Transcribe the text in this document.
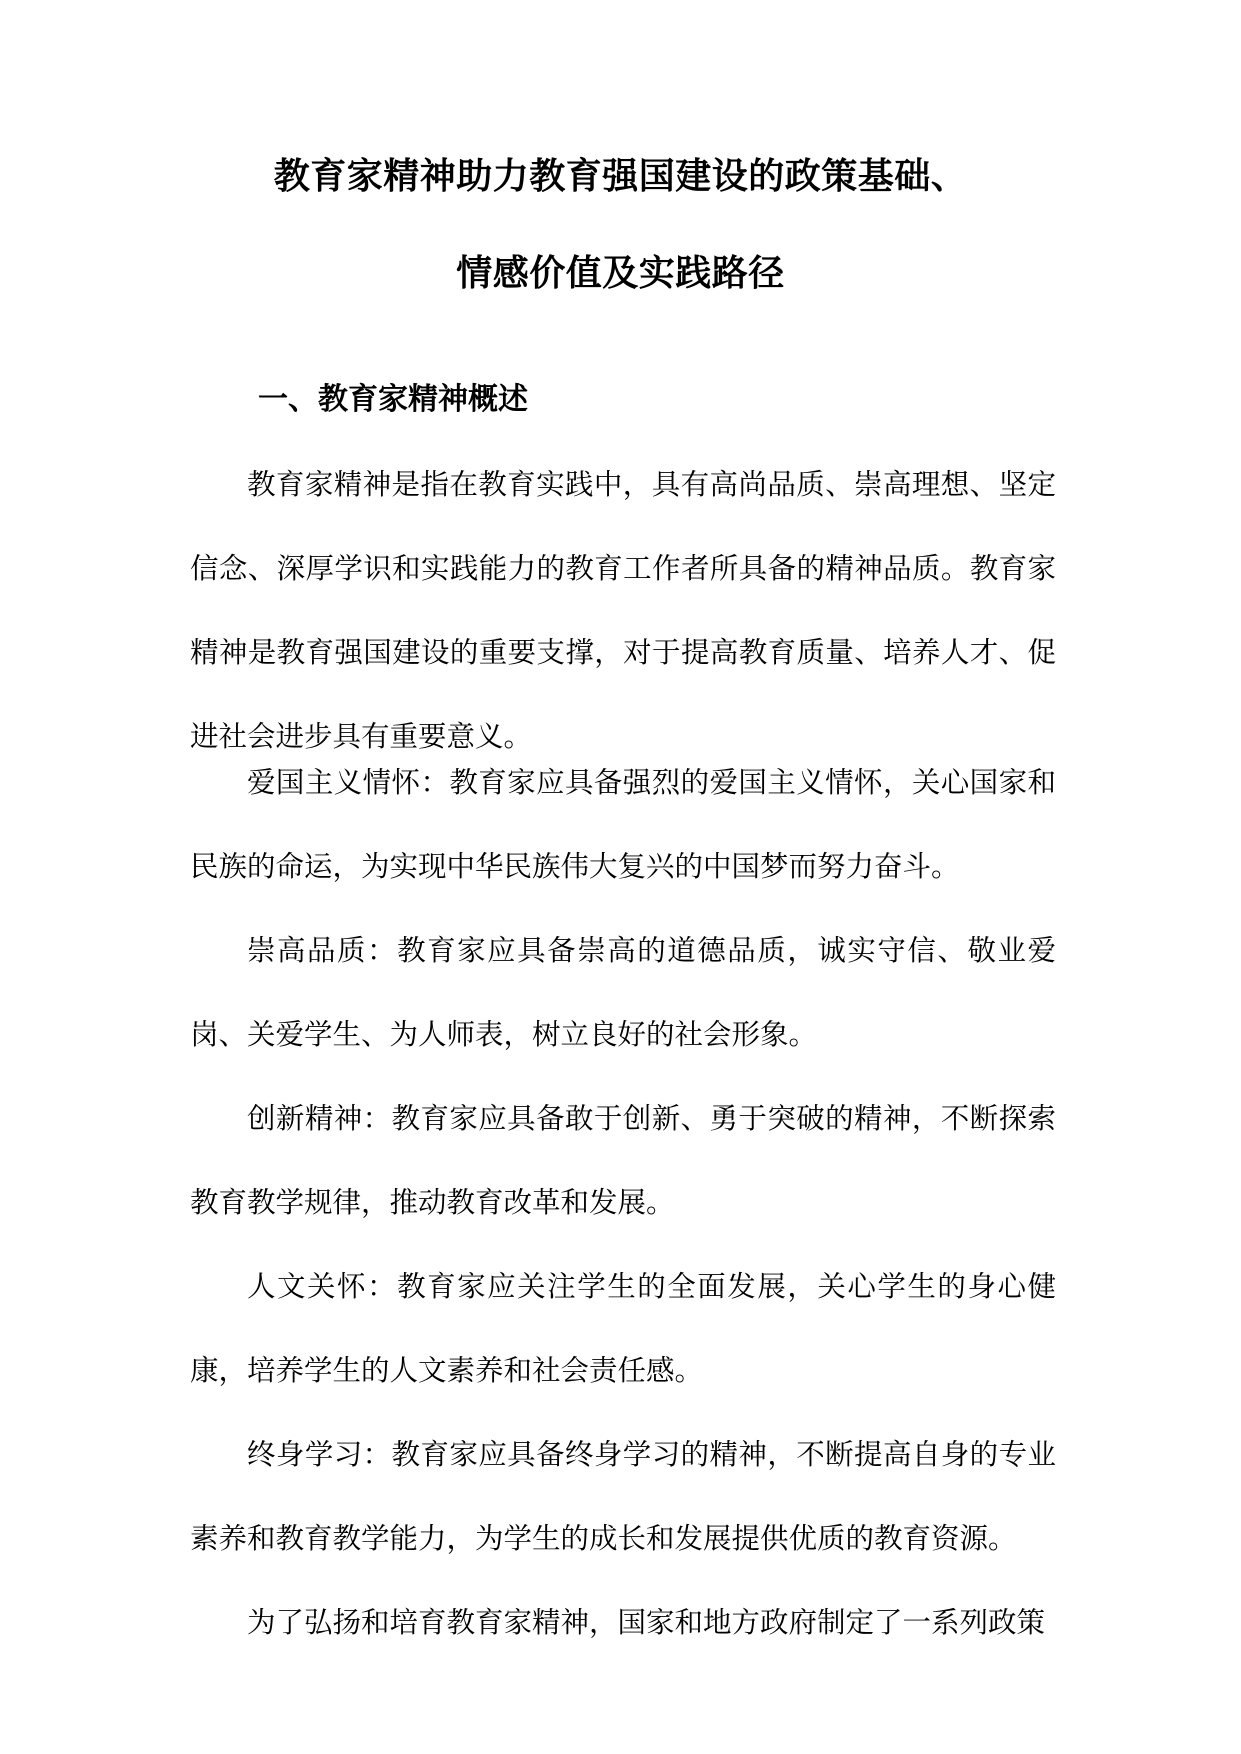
教育家精神助力教育强国建设的政策基础、
情感价值及实践路径
一、教育家精神概述

教育家精神是指在教育实践中，具有高尚品质、崇高理想、坚定信念、深厚学识和实践能力的教育工作者所具备的精神品质。教育家精神是教育强国建设的重要支撑，对于提高教育质量、培养人才、促进社会进步具有重要意义。

爱国主义情怀：教育家应具备强烈的爱国主义情怀，关心国家和民族的命运，为实现中华民族伟大复兴的中国梦而努力奋斗。

崇高品质：教育家应具备崇高的道德品质，诚实守信、敬业爱岗、关爱学生、为人师表，树立良好的社会形象。

创新精神：教育家应具备敢于创新、勇于突破的精神，不断探索教育教学规律，推动教育改革和发展。

人文关怀：教育家应关注学生的全面发展，关心学生的身心健康，培养学生的人文素养和社会责任感。

终身学习：教育家应具备终身学习的精神，不断提高自身的专业素养和教育教学能力，为学生的成长和发展提供优质的教育资源。

为了弘扬和培育教育家精神，国家和地方政府制定了一系列政策
